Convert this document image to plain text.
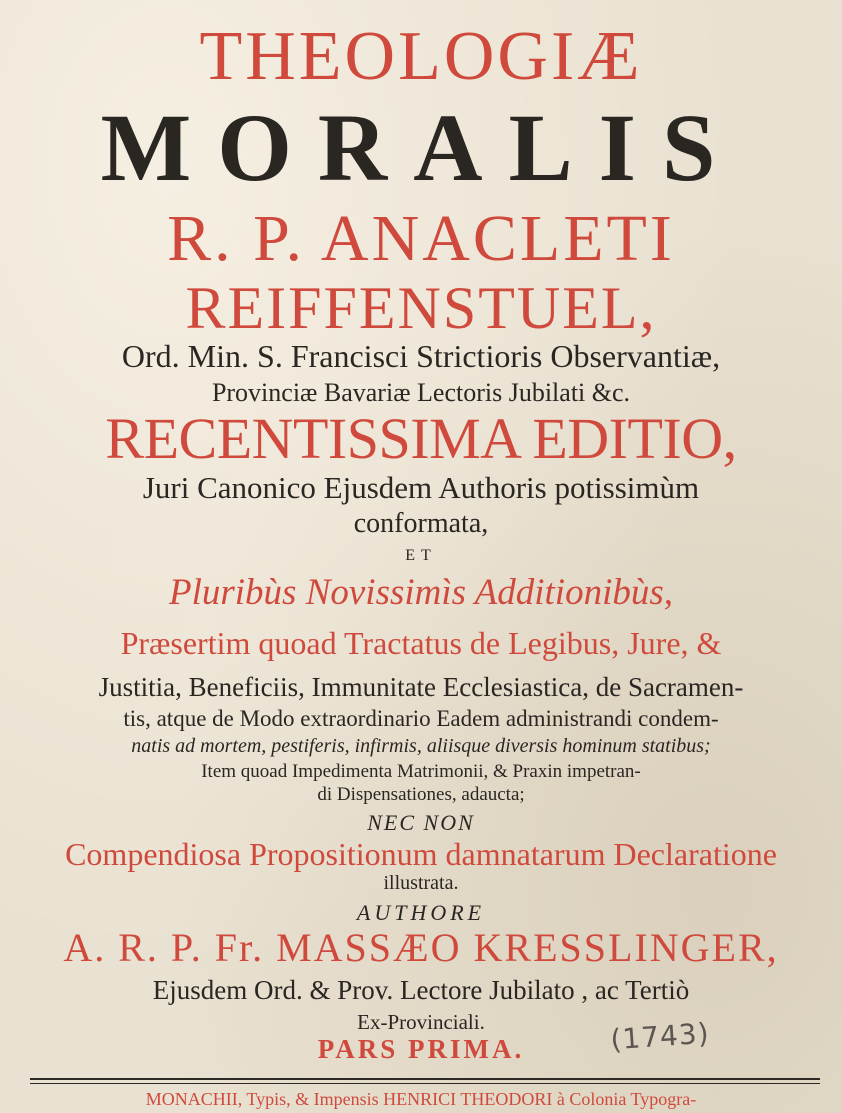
THEOLOGIÆ
MORALIS
R. P. ANACLETI
REIFFENSTUEL,
Ord. Min. S. Francisci Strictioris Observantiæ,
Provinciæ Bavariæ Lectoris Jubilati &c.
RECENTISSIMA EDITIO,
Juri Canonico Ejusdem Authoris potissimùm
conformata,
ET
Pluribùs Novissimìs Additionibùs,
Præsertim quoad Tractatus de Legibus, Jure, &
Justitia, Beneficiis, Immunitate Ecclesiastica, de Sacramen-
tis, atque de Modo extraordinario Eadem administrandi condem-
natis ad mortem, pestiferis, infirmis, aliisque diversis hominum statibus;
Item quoad Impedimenta Matrimonii, & Praxin impetran-
di Dispensationes, adaucta;
NEC NON
Compendiosa Propositionum damnatarum Declaratione
illustrata.
AUTHORE
A. R. P. Fr. MASSÆO KRESSLINGER,
Ejusdem Ord. & Prov. Lectore Jubilato , ac Tertiò
Ex-Provinciali.
PARS PRIMA.	(1743)
MONACHII, Typis, & Impensis HENRICI THEODORI à Colonia Typogra-
